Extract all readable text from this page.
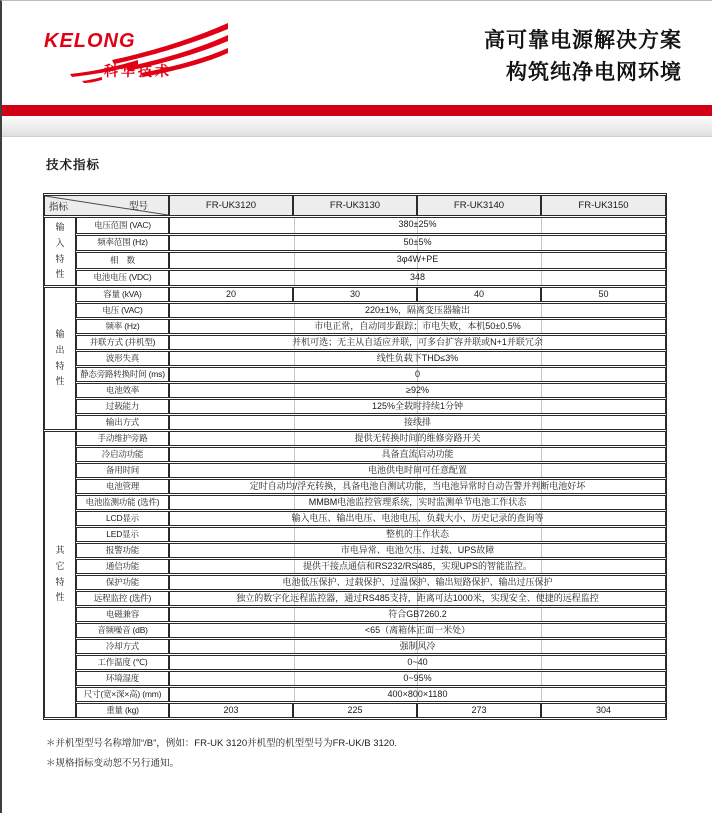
KELONG
科华技术
高可靠电源解决方案
构筑纯净电网环境
技术指标
型号
指标		FR-UK3120	FR-UK3130	FR-UK3140	FR-UK3150

输入特性	电压范围 (VAC)	380±25%			
	频率范围 (Hz)	50±5%			
	相　数	3φ4W+PE			
	电池电压 (VDC)	348			

输出特性	容量 (kVA)	20	30	40	50
	电压 (VAC)	220±1%，隔离变压器输出			
	频率 (Hz)	市电正常，自动同步跟踪；市电失败，本机50±0.5%			
	并联方式 (并机型)	并机可选；无主从自适应并联，可多台扩容并联或N+1并联冗余			
	波形失真	线性负载下THD≤3%			
	静态旁路转换时间 (ms)	0			
	电池效率	≥92%			
	过载能力	125%全载时持续1分钟			
	输出方式	接线排			

其它特性	手动维护旁路	提供无转换时间的维修旁路开关			
	冷启动功能	具备直流启动功能			
	备用时间	电池供电时间可任意配置			
	电池管理	定时自动均/浮充转换，具备电池自测试功能，当电池异常时自动告警并判断电池好坏			
	电池监测功能 (选件)	MMBM电池监控管理系统，实时监测单节电池工作状态			
	LCD显示	输入电压、输出电压、电池电压、负载大小、历史记录的查询等			
	LED显示	整机的工作状态			
	报警功能	市电异常、电池欠压、过载、UPS故障			
	通信功能	提供干接点通信和RS232/RS485，实现UPS的智能监控。			
	保护功能	电池低压保护、过载保护、过温保护、输出短路保护、输出过压保护			
	远程监控 (选件)	独立的数字化远程监控器，通过RS485支持，距离可达1000米，实现安全、便捷的远程监控			
	电磁兼容	符合GB7260.2			
	音频噪音 (dB)	<65（离箱体正面一米处）			
	冷却方式	强制风冷			
	工作温度 (℃)	0~40			
	环境湿度	0~95%			
	尺寸(宽×深×高) (mm)	400×800×1180			
	重量 (kg)	203	225	273	304

＊并机型型号名称增加“/B”，例如：FR-UK 3120并机型的机型型号为FR-UK/B 3120.

＊规格指标变动恕不另行通知。
